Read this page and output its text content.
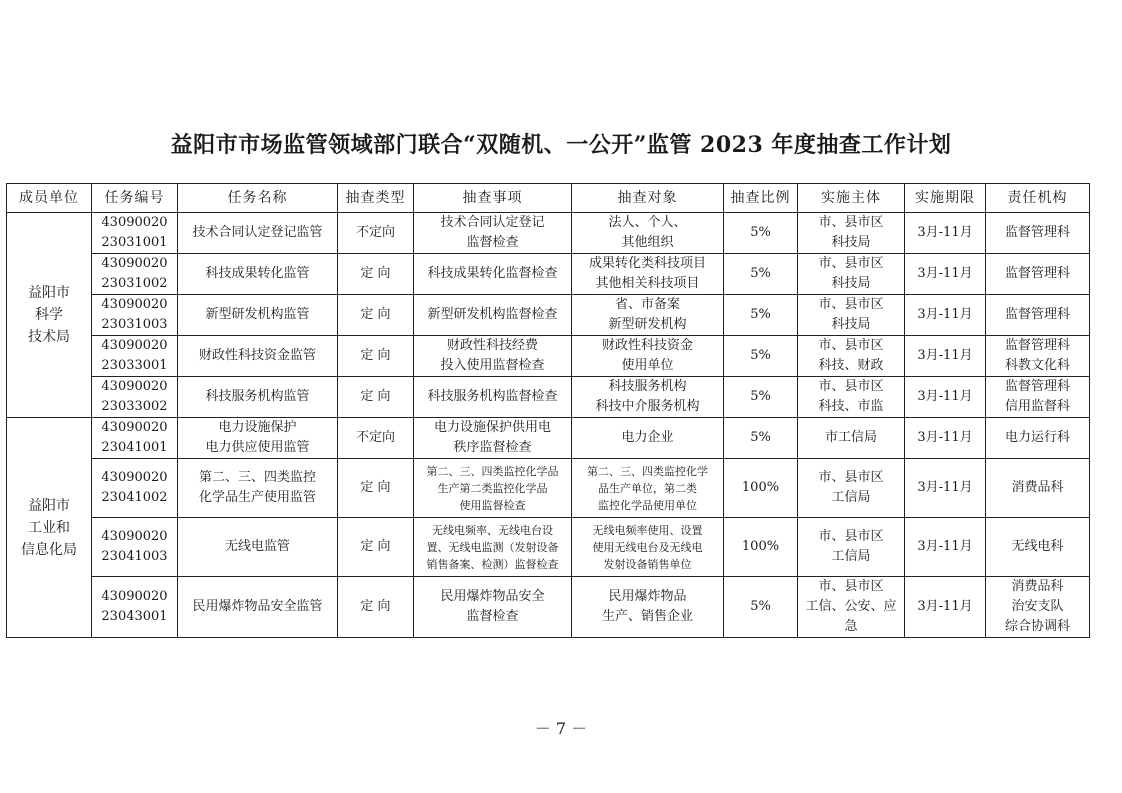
益阳市市场监管领域部门联合“双随机、一公开”监管 2023 年度抽查工作计划
成员单位	任务编号	任务名称	抽查类型	抽查事项	抽查对象	抽查比例	实施主体	实施期限	责任机构
益阳市
科学
技术局	43090020
23031001	技术合同认定登记监管	不定向	技术合同认定登记
监督检查	法人、个人、
其他组织	5%	市、县市区
科技局	3月-11月	监督管理科
	43090020
23031002	科技成果转化监管	定 向	科技成果转化监督检查	成果转化类科技项目
其他相关科技项目	5%	市、县市区
科技局	3月-11月	监督管理科
	43090020
23031003	新型研发机构监管	定 向	新型研发机构监督检查	省、市备案
新型研发机构	5%	市、县市区
科技局	3月-11月	监督管理科
	43090020
23033001	财政性科技资金监管	定 向	财政性科技经费
投入使用监督检查	财政性科技资金
使用单位	5%	市、县市区
科技、财政	3月-11月	监督管理科
科教文化科
	43090020
23033002	科技服务机构监管	定 向	科技服务机构监督检查	科技服务机构
科技中介服务机构	5%	市、县市区
科技、市监	3月-11月	监督管理科
信用监督科
益阳市
工业和
信息化局	43090020
23041001	电力设施保护
电力供应使用监管	不定向	电力设施保护供用电
秩序监督检查	电力企业	5%	市工信局	3月-11月	电力运行科
	43090020
23041002	第二、三、四类监控
化学品生产使用监管	定 向	第二、三、四类监控化学品
生产第二类监控化学品
使用监督检查	第二、三、四类监控化学
品生产单位，第二类
监控化学品使用单位	100%	市、县市区
工信局	3月-11月	消费品科
	43090020
23041003	无线电监管	定 向	无线电频率、无线电台设
置、无线电监测（发射设备
销售备案、检测）监督检查	无线电频率使用、设置
使用无线电台及无线电
发射设备销售单位	100%	市、县市区
工信局	3月-11月	无线电科
	43090020
23043001	民用爆炸物品安全监管	定 向	民用爆炸物品安全
监督检查	民用爆炸物品
生产、销售企业	5%	市、县市区
工信、公安、应急	3月-11月	消费品科
治安支队
综合协调科
－ 7 －
